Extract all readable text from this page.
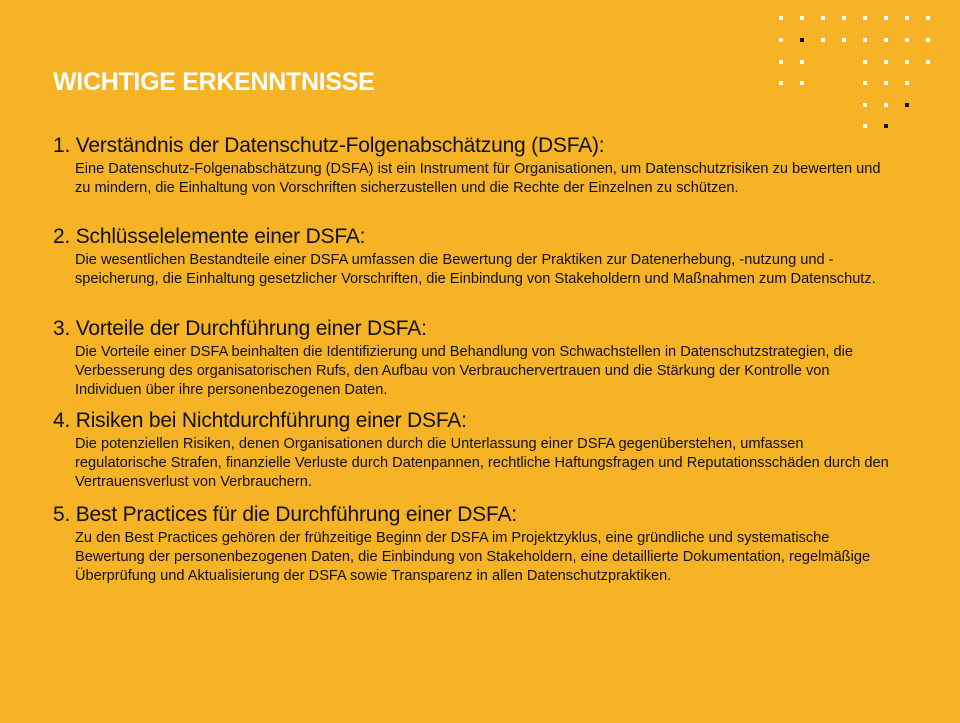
WICHTIGE ERKENNTNISSE
1. Verständnis der Datenschutz-Folgenabschätzung (DSFA):

Eine Datenschutz-Folgenabschätzung (DSFA) ist ein Instrument für Organisationen, um Datenschutzrisiken zu bewerten und zu mindern, die Einhaltung von Vorschriften sicherzustellen und die Rechte der Einzelnen zu schützen.

2. Schlüsselelemente einer DSFA:

Die wesentlichen Bestandteile einer DSFA umfassen die Bewertung der Praktiken zur Datenerhebung, -nutzung und -speicherung, die Einhaltung gesetzlicher Vorschriften, die Einbindung von Stakeholdern und Maßnahmen zum Datenschutz.

3. Vorteile der Durchführung einer DSFA:

Die Vorteile einer DSFA beinhalten die Identifizierung und Behandlung von Schwachstellen in Datenschutzstrategien, die Verbesserung des organisatorischen Rufs, den Aufbau von Verbrauchervertrauen und die Stärkung der Kontrolle von Individuen über ihre personenbezogenen Daten.

4. Risiken bei Nichtdurchführung einer DSFA:

Die potenziellen Risiken, denen Organisationen durch die Unterlassung einer DSFA gegenüberstehen, umfassen regulatorische Strafen, finanzielle Verluste durch Datenpannen, rechtliche Haftungsfragen und Reputationsschäden durch den Vertrauensverlust von Verbrauchern.

5. Best Practices für die Durchführung einer DSFA:

Zu den Best Practices gehören der frühzeitige Beginn der DSFA im Projektzyklus, eine gründliche und systematische Bewertung der personenbezogenen Daten, die Einbindung von Stakeholdern, eine detaillierte Dokumentation, regelmäßige Überprüfung und Aktualisierung der DSFA sowie Transparenz in allen Datenschutzpraktiken.
